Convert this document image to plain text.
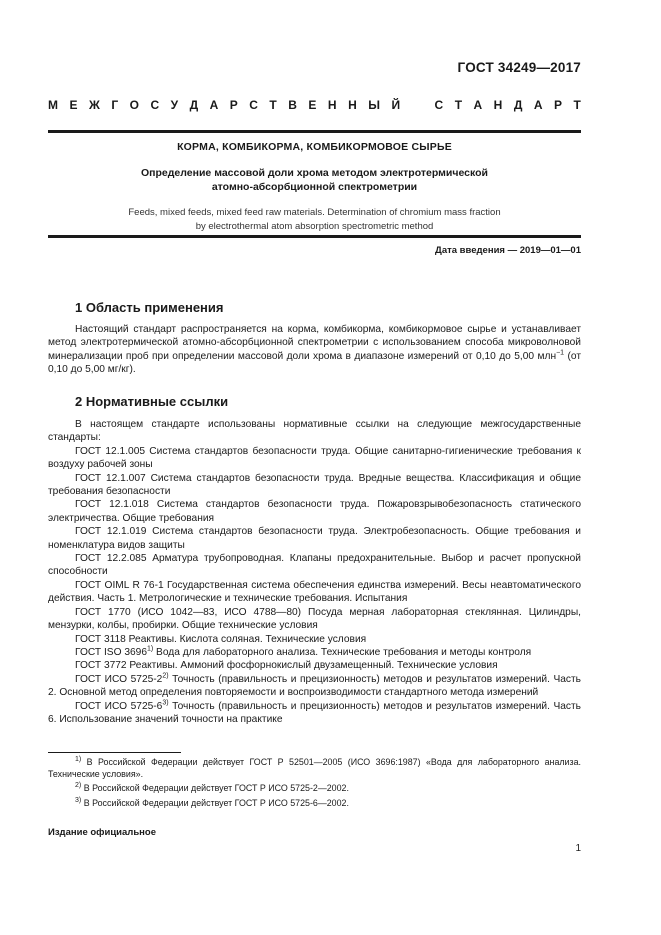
ГОСТ 34249—2017
М Е Ж Г О С У Д А Р С Т В Е Н Н Ы Й	С Т А Н Д А Р Т
КОРМА, КОМБИКОРМА, КОМБИКОРМОВОЕ СЫРЬЕ
Определение массовой доли хрома методом электротермической
атомно-абсорбционной спектрометрии
Feeds, mixed feeds, mixed feed raw materials. Determination of chromium mass fraction
by electrothermal atom absorption spectrometric method
Дата введения — 2019—01—01
1 Область применения
Настоящий стандарт распространяется на корма, комбикорма, комбикормовое сырье и устанавливает метод электротермической атомно-абсорбционной спектрометрии с использованием способа микроволновой минерализации проб при определении массовой доли хрома в диапазоне измерений от 0,10 до 5,00 млн$^{-1}$ (от 0,10 до 5,00 мг/кг).
2 Нормативные ссылки
В настоящем стандарте использованы нормативные ссылки на следующие межгосударственные стандарты:
ГОСТ 12.1.005 Система стандартов безопасности труда. Общие санитарно-гигиенические требования к воздуху рабочей зоны
ГОСТ 12.1.007 Система стандартов безопасности труда. Вредные вещества. Классификация и общие требования безопасности
ГОСТ 12.1.018 Система стандартов безопасности труда. Пожаровзрывобезопасность статического электричества. Общие требования
ГОСТ 12.1.019 Система стандартов безопасности труда. Электробезопасность. Общие требования и номенклатура видов защиты
ГОСТ 12.2.085 Арматура трубопроводная. Клапаны предохранительные. Выбор и расчет пропускной способности
ГОСТ OIML R 76-1 Государственная система обеспечения единства измерений. Весы неавтоматического действия. Часть 1. Метрологические и технические требования. Испытания
ГОСТ 1770 (ИСО 1042—83, ИСО 4788—80) Посуда мерная лабораторная стеклянная. Цилиндры, мензурки, колбы, пробирки. Общие технические условия
ГОСТ 3118 Реактивы. Кислота соляная. Технические условия
ГОСТ ISO 3696$^{1)}$ Вода для лабораторного анализа. Технические требования и методы контроля
ГОСТ 3772 Реактивы. Аммоний фосфорнокислый двузамещенный. Технические условия
ГОСТ ИСО 5725-2$^{2)}$ Точность (правильность и прецизионность) методов и результатов измерений. Часть 2. Основной метод определения повторяемости и воспроизводимости стандартного метода измерений
ГОСТ ИСО 5725-6$^{3)}$ Точность (правильность и прецизионность) методов и результатов измерений. Часть 6. Использование значений точности на практике
$^{1)}$ В Российской Федерации действует ГОСТ Р 52501—2005 (ИСО 3696:1987) «Вода для лабораторного анализа. Технические условия».
$^{2)}$ В Российской Федерации действует ГОСТ Р ИСО 5725-2—2002.
$^{3)}$ В Российской Федерации действует ГОСТ Р ИСО 5725-6—2002.
Издание официальное
1
